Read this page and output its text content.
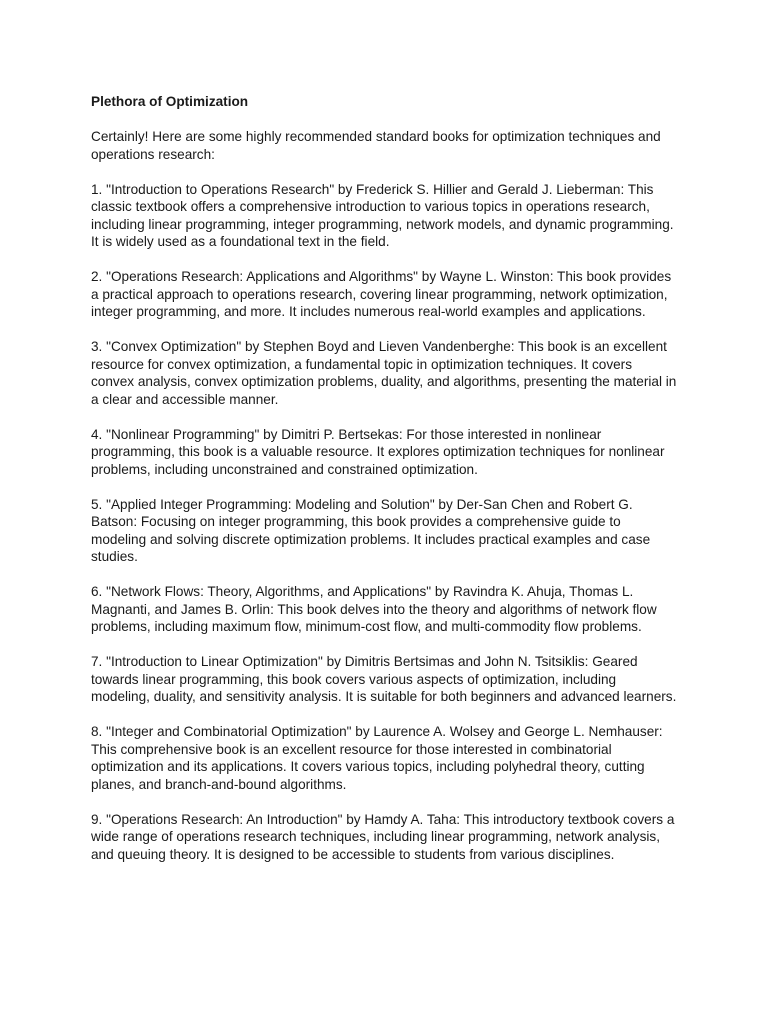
Plethora of Optimization
Certainly! Here are some highly recommended standard books for optimization techniques and operations research:
1. "Introduction to Operations Research" by Frederick S. Hillier and Gerald J. Lieberman: This classic textbook offers a comprehensive introduction to various topics in operations research, including linear programming, integer programming, network models, and dynamic programming. It is widely used as a foundational text in the field.
2. "Operations Research: Applications and Algorithms" by Wayne L. Winston: This book provides a practical approach to operations research, covering linear programming, network optimization, integer programming, and more. It includes numerous real-world examples and applications.
3. "Convex Optimization" by Stephen Boyd and Lieven Vandenberghe: This book is an excellent resource for convex optimization, a fundamental topic in optimization techniques. It covers convex analysis, convex optimization problems, duality, and algorithms, presenting the material in a clear and accessible manner.
4. "Nonlinear Programming" by Dimitri P. Bertsekas: For those interested in nonlinear programming, this book is a valuable resource. It explores optimization techniques for nonlinear problems, including unconstrained and constrained optimization.
5. "Applied Integer Programming: Modeling and Solution" by Der-San Chen and Robert G. Batson: Focusing on integer programming, this book provides a comprehensive guide to modeling and solving discrete optimization problems. It includes practical examples and case studies.
6. "Network Flows: Theory, Algorithms, and Applications" by Ravindra K. Ahuja, Thomas L. Magnanti, and James B. Orlin: This book delves into the theory and algorithms of network flow problems, including maximum flow, minimum-cost flow, and multi-commodity flow problems.
7. "Introduction to Linear Optimization" by Dimitris Bertsimas and John N. Tsitsiklis: Geared towards linear programming, this book covers various aspects of optimization, including modeling, duality, and sensitivity analysis. It is suitable for both beginners and advanced learners.
8. "Integer and Combinatorial Optimization" by Laurence A. Wolsey and George L. Nemhauser: This comprehensive book is an excellent resource for those interested in combinatorial optimization and its applications. It covers various topics, including polyhedral theory, cutting planes, and branch-and-bound algorithms.
9. "Operations Research: An Introduction" by Hamdy A. Taha: This introductory textbook covers a wide range of operations research techniques, including linear programming, network analysis, and queuing theory. It is designed to be accessible to students from various disciplines.
